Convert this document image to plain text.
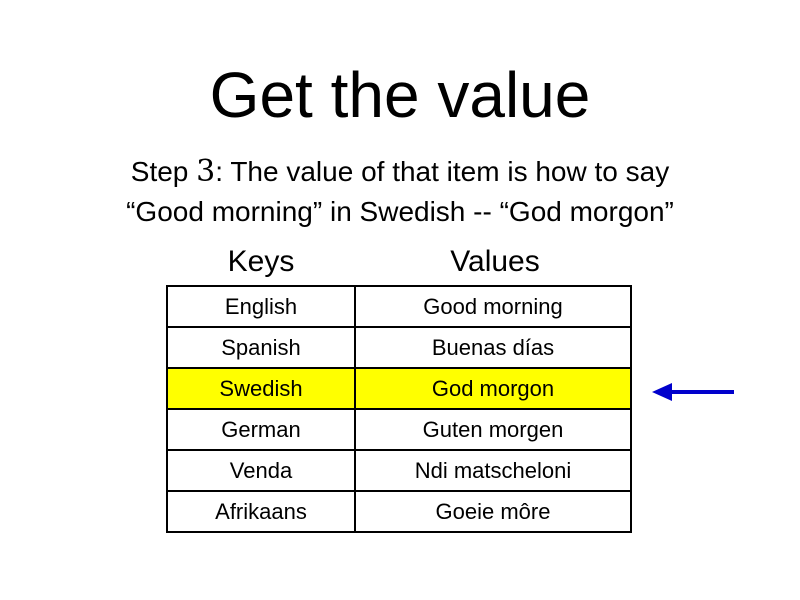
Get the value
Step 3: The value of that item is how to say
“Good morning” in Swedish -- “God morgon”
Keys	Values
English	Good morning
Spanish	Buenas días
Swedish	God morgon
German	Guten morgen
Venda	Ndi matscheloni
Afrikaans	Goeie môre
